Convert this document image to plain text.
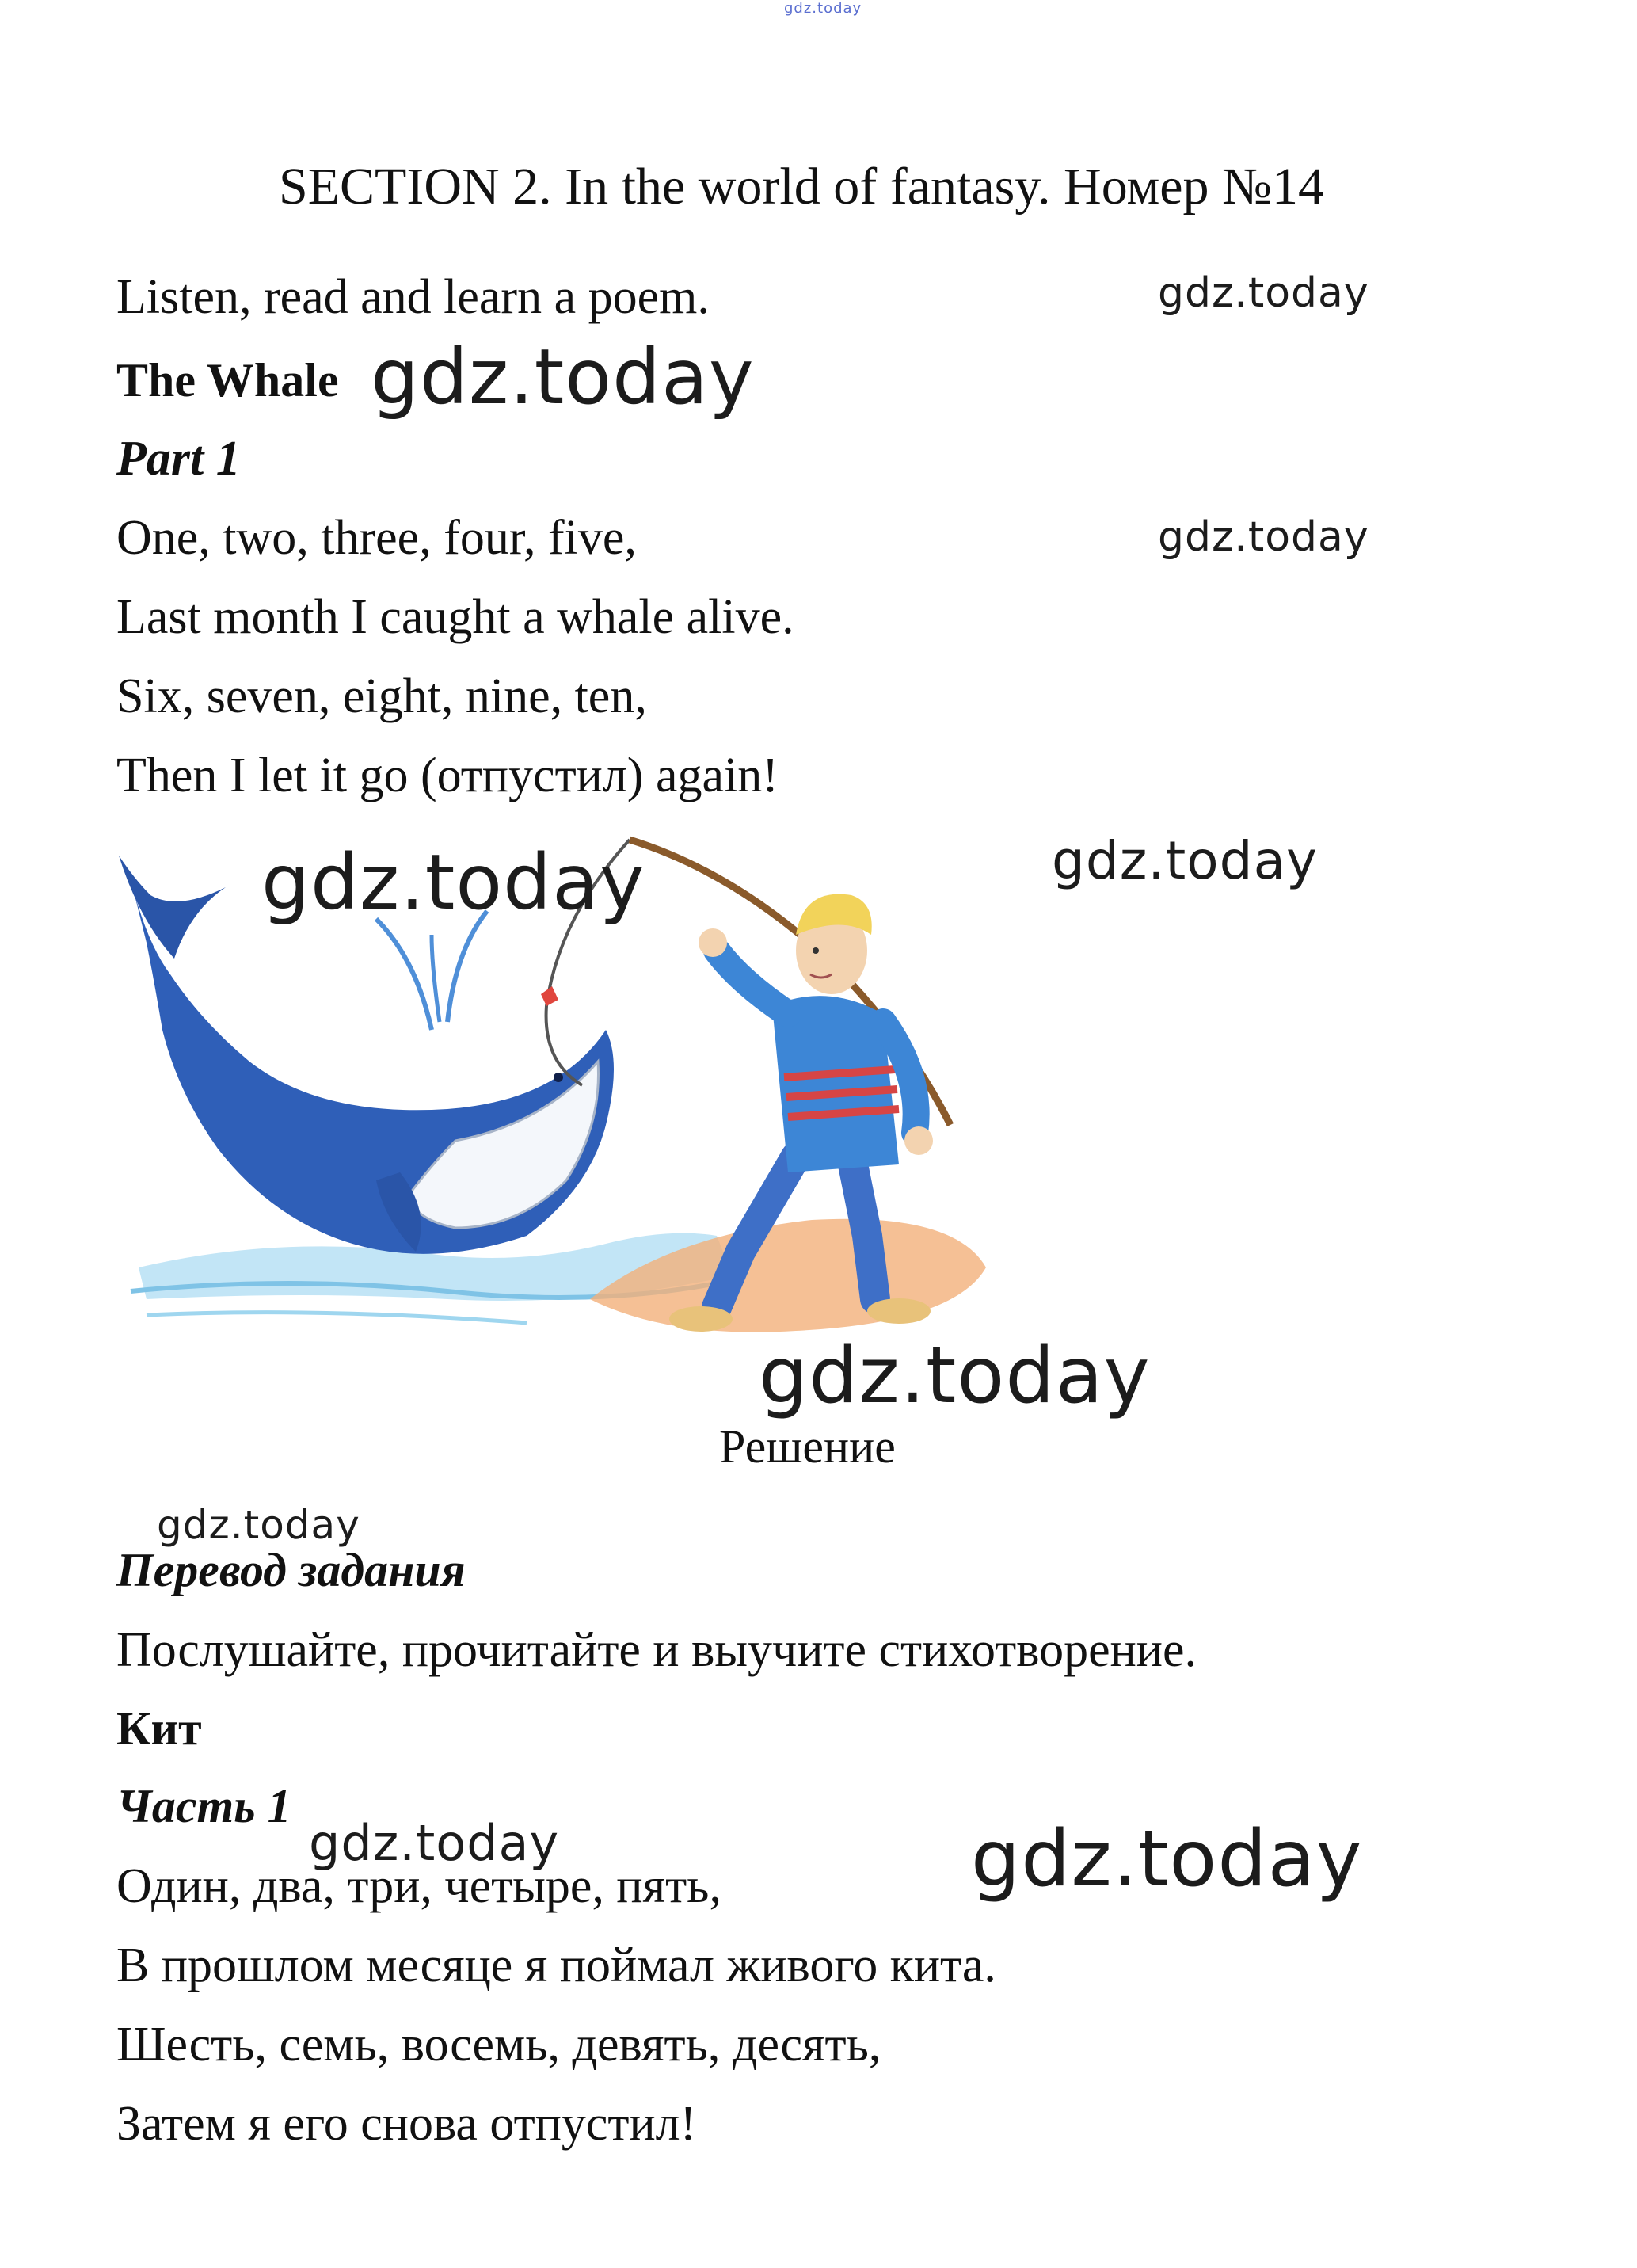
gdz.today
SECTION 2. In the world of fantasy. Номер №14
Listen, read and learn a poem.	gdz.today
The Whale gdz.today
Part 1
One, two, three, four, five,	gdz.today
Last month I caught a whale alive.
Six, seven, eight, nine, ten,
Then I let it go (отпустил) again!
gdz.today	gdz.today
gdz.today
Решение
gdz.today
Перевод задания
Послушайте, прочитайте и выучите стихотворение.
Кит
Часть 1
gdz.today	gdz.today
Один, два, три, четыре, пять,
В прошлом месяце я поймал живого кита.
Шесть, семь, восемь, девять, десять,
Затем я его снова отпустил!
